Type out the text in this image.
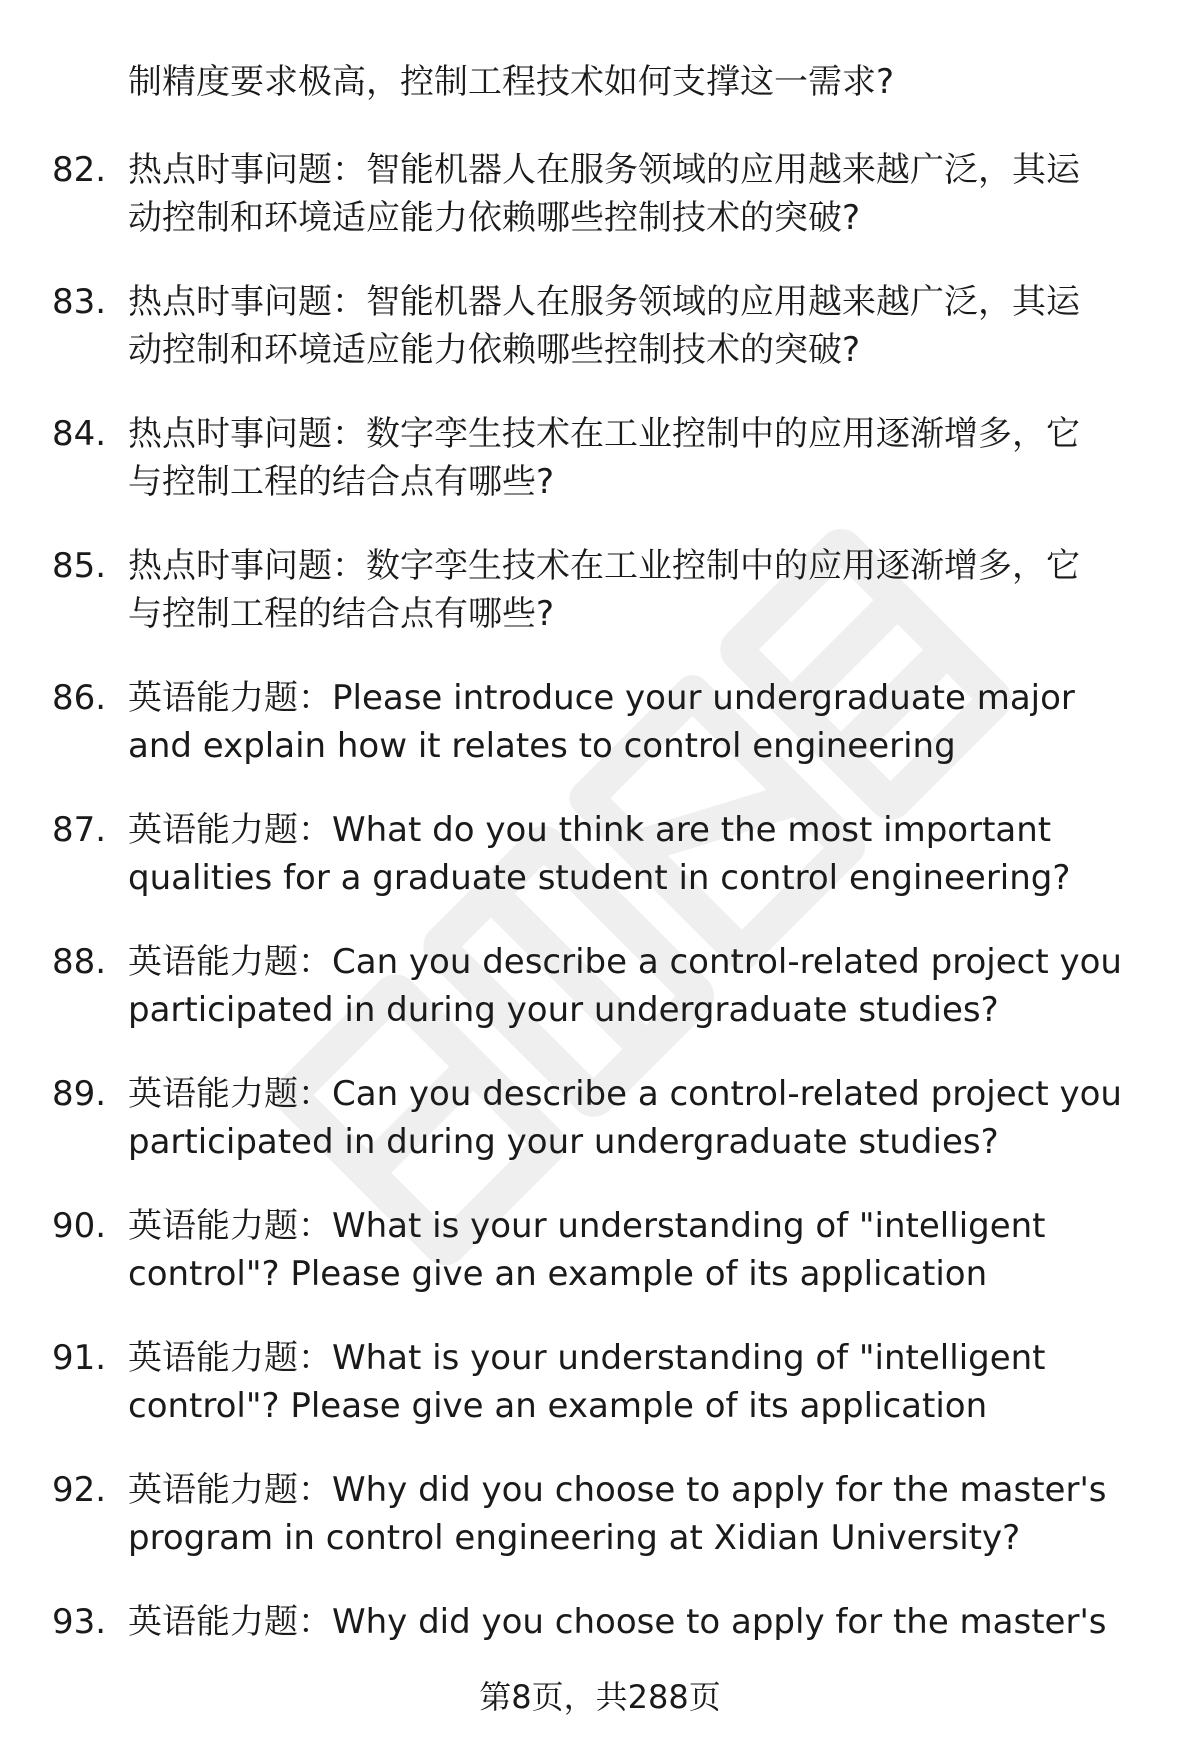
制精度要求极高，控制工程技术如何支撑这一需求?
82. 热点时事问题：智能机器人在服务领域的应用越来越广泛，其运
动控制和环境适应能力依赖哪些控制技术的突破?
83. 热点时事问题：智能机器人在服务领域的应用越来越广泛，其运
动控制和环境适应能力依赖哪些控制技术的突破?
84. 热点时事问题：数字孪生技术在工业控制中的应用逐渐增多，它
与控制工程的结合点有哪些?
85. 热点时事问题：数字孪生技术在工业控制中的应用逐渐增多，它
与控制工程的结合点有哪些?
86. 英语能力题：Please introduce your undergraduate major
and explain how it relates to control engineering
87. 英语能力题：What do you think are the most important
qualities for a graduate student in control engineering?
88. 英语能力题：Can you describe a control-related project you
participated in during your undergraduate studies?
89. 英语能力题：Can you describe a control-related project you
participated in during your undergraduate studies?
90. 英语能力题：What is your understanding of "intelligent
control"? Please give an example of its application
91. 英语能力题：What is your understanding of "intelligent
control"? Please give an example of its application
92. 英语能力题：Why did you choose to apply for the master's
program in control engineering at Xidian University?
93. 英语能力题：Why did you choose to apply for the master's
第8页，共288页
